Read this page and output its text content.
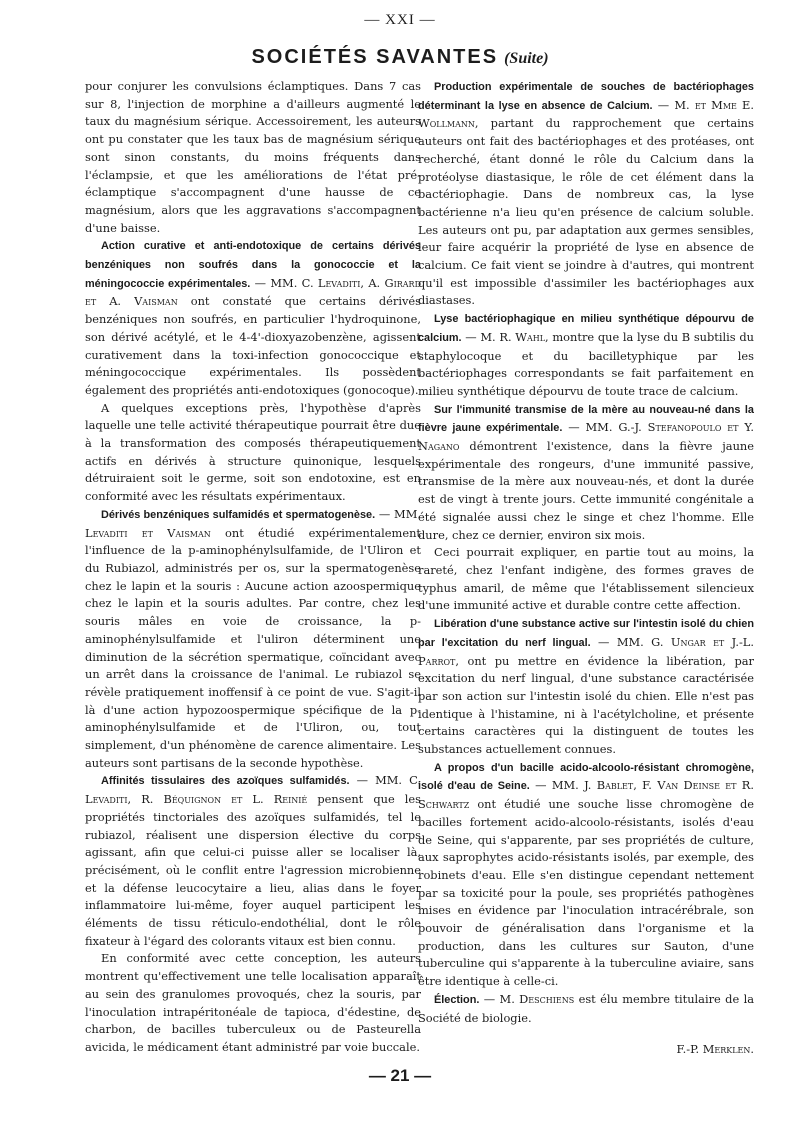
— XXI —
SOCIÉTÉS SAVANTES (Suite)

pour conjurer les convulsions éclamptiques. Dans 7 cas sur 8, l'injection de morphine a d'ailleurs augmenté le taux du magnésium sérique. Accessoirement, les auteurs ont pu constater que les taux bas de magnésium sérique sont sinon constants, du moins fréquents dans l'éclampsie, et que les améliorations de l'état pré-éclamptique s'accompagnent d'une hausse de ce magnésium, alors que les aggravations s'accompagnent d'une baisse.

Action curative et anti-endotoxique de certains dérivés benzéniques non soufrés dans la gonococcie et la méningococcie expérimentales. — MM. C. Levaditi, A. Girard et A. Vaisman ont constaté que certains dérivés benzéniques non soufrés, en particulier l'hydroquinone, son dérivé acétylé, et le 4-4'-dioxyazobenzène, agissent curativement dans la toxi-infection gonococcique et méningococcique expérimentales. Ils possèdent également des propriétés anti-endotoxiques (gonocoque).

A quelques exceptions près, l'hypothèse d'après laquelle une telle activité thérapeutique pourrait être due à la transformation des composés thérapeutiquement actifs en dérivés à structure quinonique, lesquels détruiraient soit le germe, soit son endotoxine, est en conformité avec les résultats expérimentaux.

Dérivés benzéniques sulfamidés et spermatogenèse. — MM. Levaditi et Vaisman ont étudié expérimentalement l'influence de la p-aminophénylsulfamide, de l'Uliron et du Rubiazol, administrés per os, sur la spermatogenèse chez le lapin et la souris : Aucune action azoospermique chez le lapin et la souris adultes. Par contre, chez les souris mâles en voie de croissance, la p-aminophénylsulfamide et l'uliron déterminent une diminution de la sécrétion spermatique, coïncidant avec un arrêt dans la croissance de l'animal. Le rubiazol se révèle pratiquement inoffensif à ce point de vue. S'agit-il là d'une action hypozoospermique spécifique de la p-aminophénylsulfamide et de l'Uliron, ou, tout simplement, d'un phénomène de carence alimentaire. Les auteurs sont partisans de la seconde hypothèse.

Affinités tissulaires des azoïques sulfamidés. — MM. C. Levaditi, R. Béquignon et L. Reinié pensent que les propriétés tinctoriales des azoïques sulfamidés, tel le rubiazol, réalisent une dispersion élective du corps agissant, afin que celui-ci puisse aller se localiser là, précisément, où le conflit entre l'agression microbienne et la défense leucocytaire a lieu, alias dans le foyer inflammatoire lui-même, foyer auquel participent les éléments de tissu réticulo-endothélial, dont le rôle fixateur à l'égard des colorants vitaux est bien connu.

En conformité avec cette conception, les auteurs montrent qu'effectivement une telle localisation apparaît au sein des granulomes provoqués, chez la souris, par l'inoculation intrapéritonéale de tapioca, d'édestine, de charbon, de bacilles tuberculeux ou de Pasteurella avicida, le médicament étant administré par voie buccale.

Production expérimentale de souches de bactériophages déterminant la lyse en absence de Calcium. — M. et Mme E. Wollmann, partant du rapprochement que certains auteurs ont fait des bactériophages et des protéases, ont recherché, étant donné le rôle du Calcium dans la protéolyse diastasique, le rôle de cet élément dans la bactériophagie. Dans de nombreux cas, la lyse bactérienne n'a lieu qu'en présence de calcium soluble. Les auteurs ont pu, par adaptation aux germes sensibles, leur faire acquérir la propriété de lyse en absence de calcium. Ce fait vient se joindre à d'autres, qui montrent qu'il est impossible d'assimiler les bactériophages aux diastases.

Lyse bactériophagique en milieu synthétique dépourvu de calcium. — M. R. Wahl, montre que la lyse du B subtilis du staphylocoque et du bacilletyphique par les bactériophages correspondants se fait parfaitement en milieu synthétique dépourvu de toute trace de calcium.

Sur l'immunité transmise de la mère au nouveau-né dans la fièvre jaune expérimentale. — MM. G.-J. Stefanopoulo et Y. Nagano démontrent l'existence, dans la fièvre jaune expérimentale des rongeurs, d'une immunité passive, transmise de la mère aux nouveau-nés, et dont la durée est de vingt à trente jours. Cette immunité congénitale a été signalée aussi chez le singe et chez l'homme. Elle dure, chez ce dernier, environ six mois.

Ceci pourrait expliquer, en partie tout au moins, la rareté, chez l'enfant indigène, des formes graves de typhus amaril, de même que l'établissement silencieux d'une immunité active et durable contre cette affection.

Libération d'une substance active sur l'intestin isolé du chien par l'excitation du nerf lingual. — MM. G. Ungar et J.-L. Parrot, ont pu mettre en évidence la libération, par excitation du nerf lingual, d'une substance caractérisée par son action sur l'intestin isolé du chien. Elle n'est pas identique à l'histamine, ni à l'acétylcholine, et présente certains caractères qui la distinguent de toutes les substances actuellement connues.

A propos d'un bacille acido-alcoolo-résistant chromogène, isolé d'eau de Seine. — MM. J. Bablet, F. Van Deinse et R. Schwartz ont étudié une souche lisse chromogène de bacilles fortement acido-alcoolo-résistants, isolés d'eau de Seine, qui s'apparente, par ses propriétés de culture, aux saprophytes acido-résistants isolés, par exemple, des robinets d'eau. Elle s'en distingue cependant nettement par sa toxicité pour la poule, ses propriétés pathogènes mises en évidence par l'inoculation intracérébrale, son pouvoir de généralisation dans l'organisme et la production, dans les cultures sur Sauton, d'une tuberculine qui s'apparente à la tuberculine aviaire, sans être identique à celle-ci.

Élection. — M. Deschiens est élu membre titulaire de la Société de biologie.

F.-P. Merklen.
— 21 —
